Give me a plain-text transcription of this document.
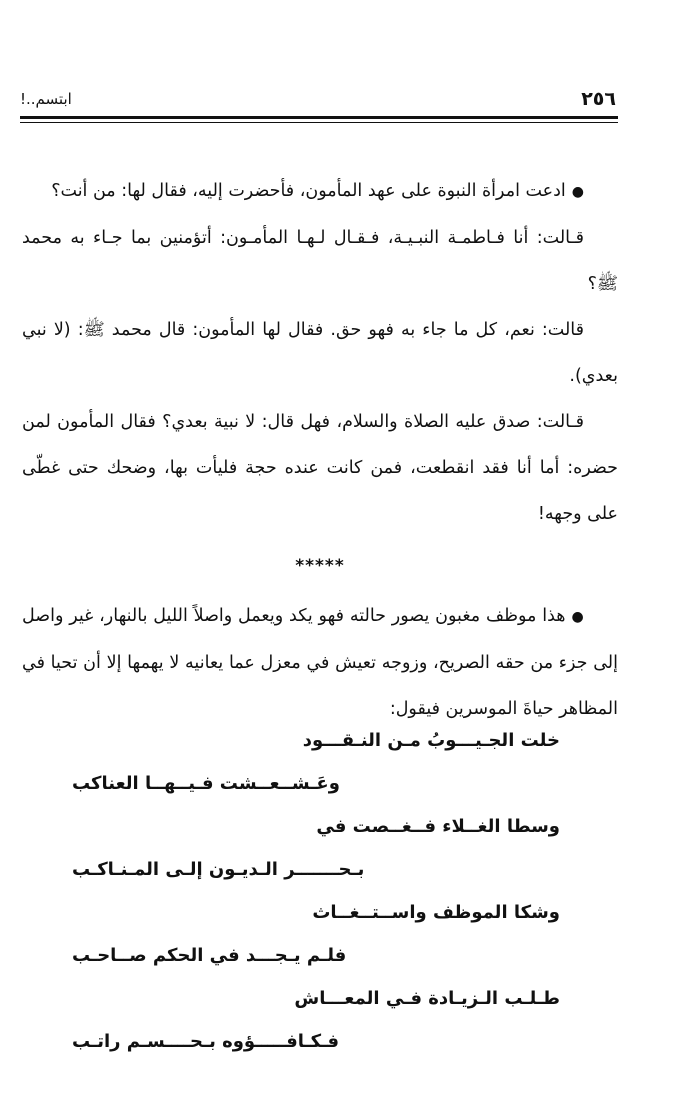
٢٥٦
ابتسم..!

●ادعت امرأة النبوة على عهد المأمون، فأحضرت إليه، فقال لها: من أنت؟

قـالت: أنا فـاطمـة النبـيـة، فـقـال لـهـا المأمـون: أتؤمنين بما جـاء به محمد ﷺ؟

قالت: نعم، كل ما جاء به فهو حق. فقال لها المأمون: قال محمد ﷺ: (لا نبي بعدي).

قـالت: صدق عليه الصلاة والسلام، فهل قال: لا نبية بعدي؟ فقال المأمون لمن حضره: أما أنا فقد انقطعت، فمن كانت عنده حجة فليأت بها، وضحك حتى غطّى على وجهه!

*****

●هذا موظف مغبون يصور حالته فهو يكد ويعمل واصلاً الليل بالنهار، غير واصل إلى جزء من حقه الصريح، وزوجه تعيش في معزل عما يعانيه لا يهمها إلا أن تحيا في المظاهر حياةَ الموسرين فيقول:

خلت الجـيـــوبُ مـن النـقـــود
وعَـشــعــشت فـيــهــا العناكب
وسطا الغــلاء فــغــصت في
بـحـــــــر الـديـون إلـى المـنـاكـب
وشكا الموظف واســتــغــاث
فلـم يـجـــد في الحكم صــاحـب
طـلـب الـزيـادة فـي المعـــاش
فـكـافـــــؤوه بـحــــسـم راتـب
